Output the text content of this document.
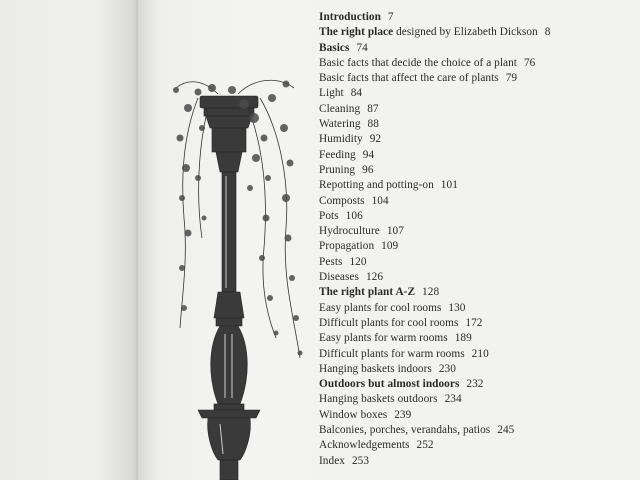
Introduction 7
The right place designed by Elizabeth Dickson 8
Basics 74
Basic facts that decide the choice of a plant 76
Basic facts that affect the care of plants 79
Light 84
Cleaning 87
Watering 88
Humidity 92
Feeding 94
Pruning 96
Repotting and potting-on 101
Composts 104
Pots 106
Hydroculture 107
Propagation 109
Pests 120
Diseases 126
The right plant A-Z 128
Easy plants for cool rooms 130
Difficult plants for cool rooms 172
Easy plants for warm rooms 189
Difficult plants for warm rooms 210
Hanging baskets indoors 230
Outdoors but almost indoors 232
Hanging baskets outdoors 234
Window boxes 239
Balconies, porches, verandahs, patios 245
Acknowledgements 252
Index 253
